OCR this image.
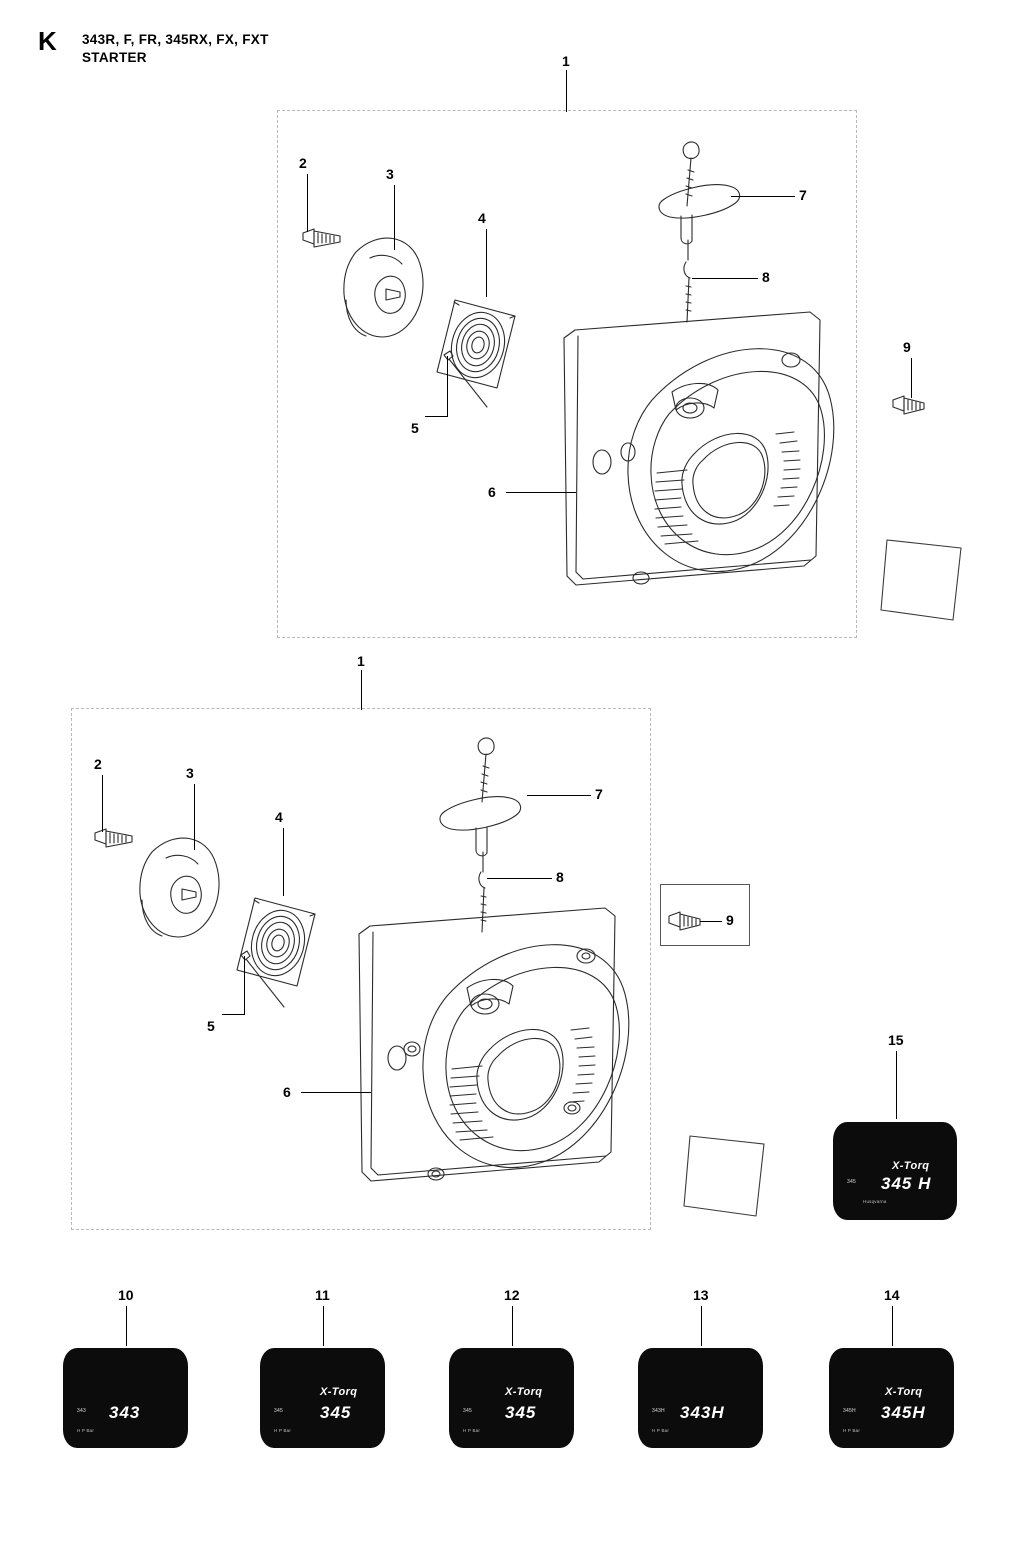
K 343R, F, FR, 345RX, FX, FXT
STARTER	1
2
3
4
5
6
7
8
9
1
2
3
4
5
6
7
8
9
15
X-Torq
345 H
345
Husqvarna
10
343
343
H P Bar
11
X-Torq
345
345
H P Bar
12
X-Torq
345
345
H P Bar
13
343H
343H
H P Bar
14
X-Torq
345H
345H
H P Bar
